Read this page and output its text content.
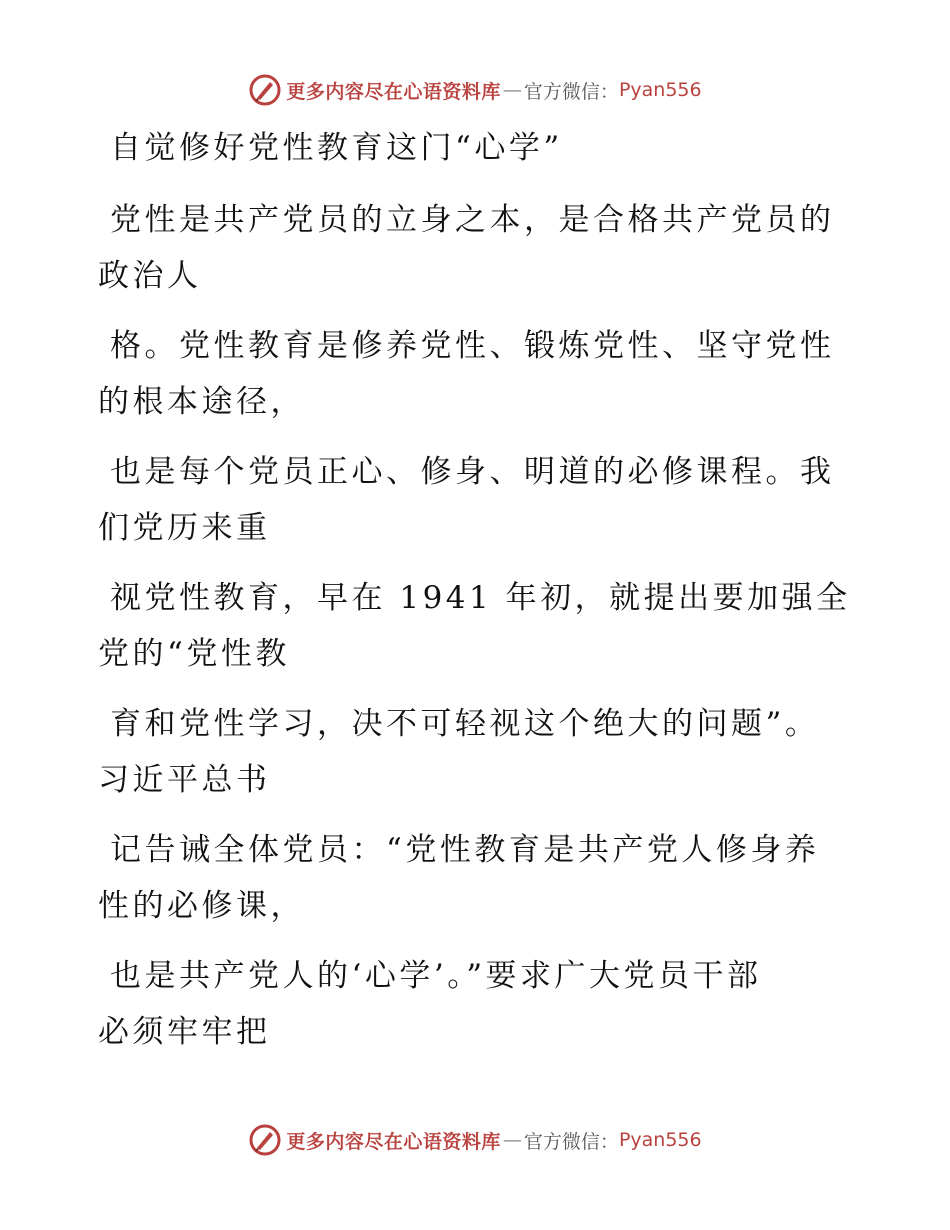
更多内容尽在心语资料库 — 官方微信： Pyan556
自觉修好党性教育这门“心学”

党性是共产党员的立身之本，是合格共产党员的
政治人

格。党性教育是修养党性、锻炼党性、坚守党性
的根本途径，

也是每个党员正心、修身、明道的必修课程。我
们党历来重

视党性教育，早在 1941 年初，就提出要加强全
党的“党性教

育和党性学习，决不可轻视这个绝大的问题”。
习近平总书

记告诫全体党员：“党性教育是共产党人修身养
性的必修课，

也是共产党人的‘心学’。”要求广大党员干部
必须牢牢把

更多内容尽在心语资料库 — 官方微信： Pyan556
